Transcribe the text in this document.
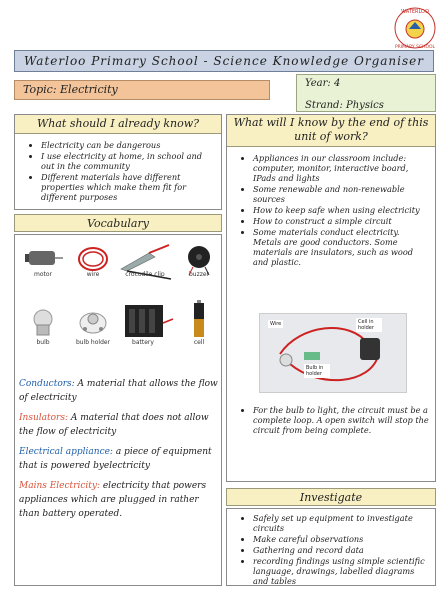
WATERLOO
PRIMARY SCHOOL
Waterloo Primary School - Science Knowledge Organiser
Topic: Electricity	Year: 4
Strand: Physics
What should I already know?
• Electricity can be dangerous
• I use electricity at home, in school and out in the community
• Different materials have different properties which make them fit for different purposes
Vocabulary
motor	wire	crocodile clip	buzzer
bulb	bulb holder	battery	cell
Conductors: A material that allows the flow of electricity
Insulators: A material that does not allow the flow of electricity
Electrical appliance: a piece of equipment that is powered byelectricity
Mains Electricity: electricity that powers appliances which are plugged in rather than battery operated.
What will I know by the end of this unit of work?
• Appliances in our classroom include: computer, monitor, interactive board, IPads and lights
• Some renewable and non-renewable sources
• How to keep safe when using electricity
• How to construct a simple circuit
• Some materials conduct electricity. Metals are good conductors. Some materials are insulators, such as wood and plastic.
Wire	Cell in holder
Bulb in holder
• For the bulb to light, the circuit must be a complete loop. A open switch will stop the circuit from being complete.
Investigate
• Safely set up equipment to investigate circuits
• Make careful observations
• Gathering and record data
• recording findings using simple scientific language, drawings, labelled diagrams and tables
